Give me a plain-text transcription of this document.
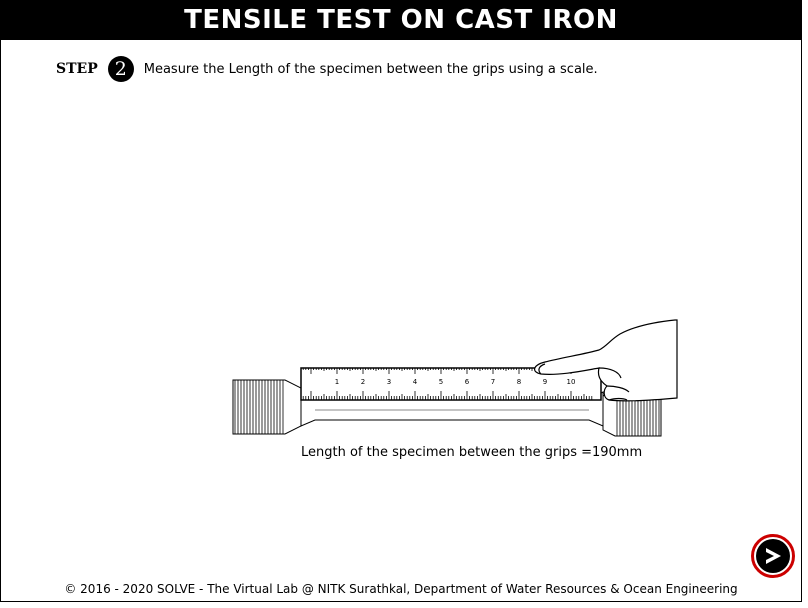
TENSILE TEST ON CAST IRON
STEP 2	Measure the Length of the specimen between the grips using a scale.
1	2	3	4	5	6	7	8	9	10
Length of the specimen between the grips =190mm
© 2016 - 2020 SOLVE - The Virtual Lab @ NITK Surathkal, Department of Water Resources & Ocean Engineering
